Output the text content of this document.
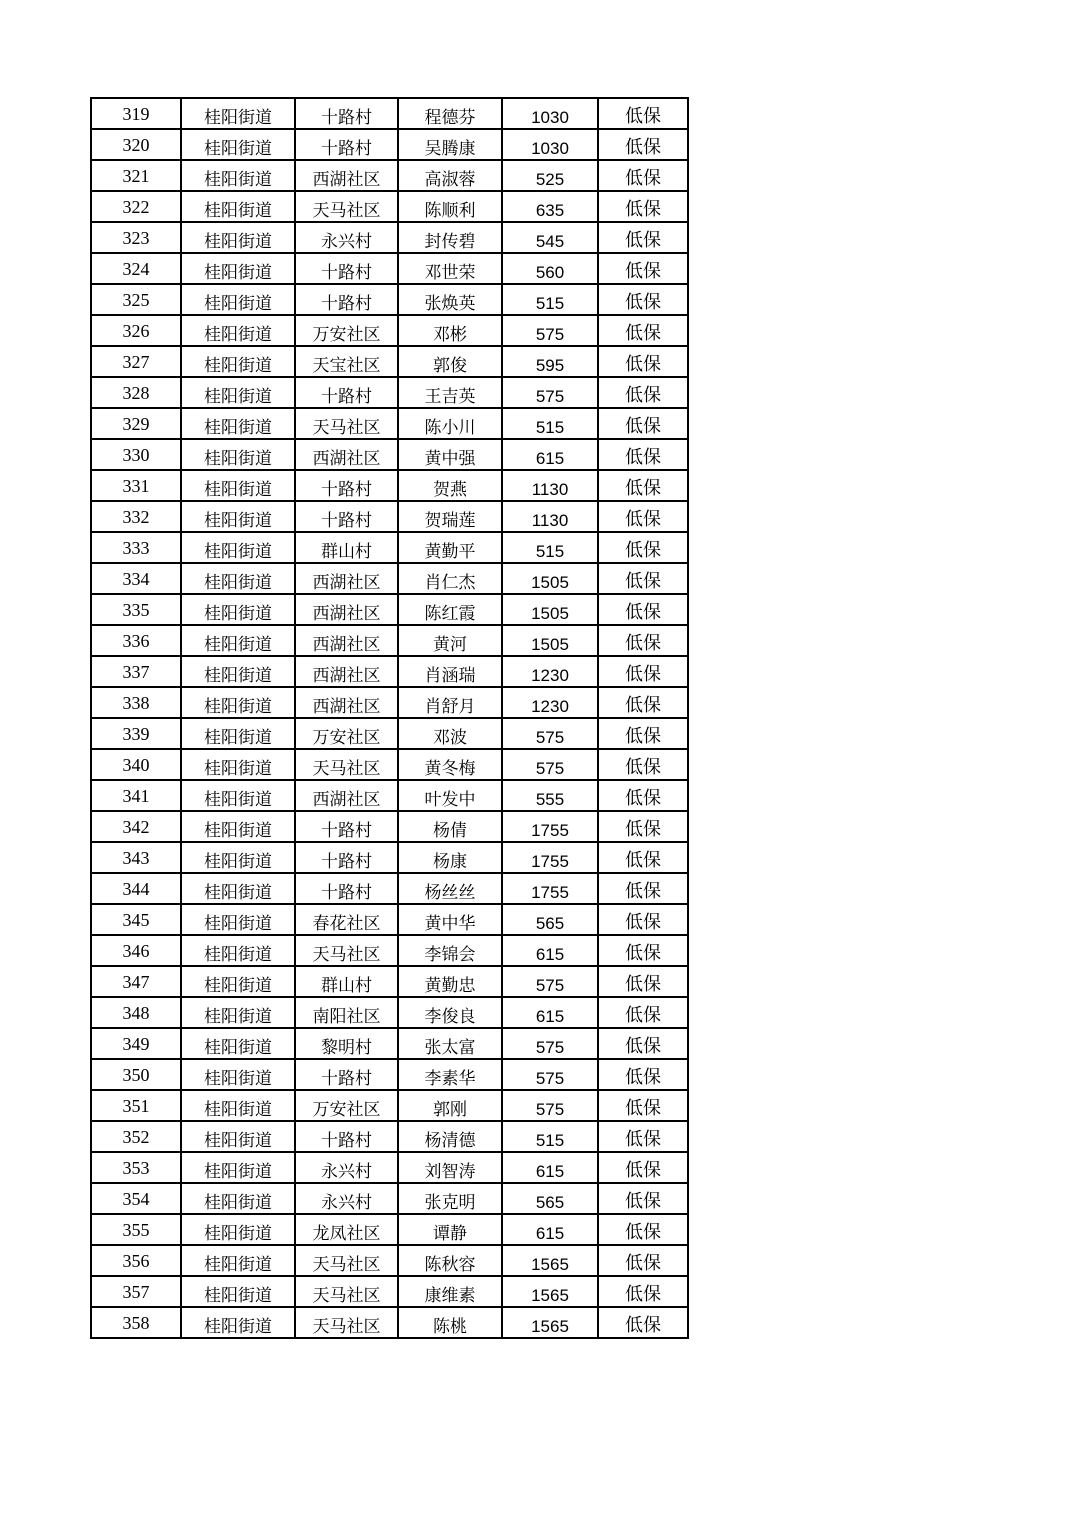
319	桂阳街道	十路村	程德芬	1030	低保
320	桂阳街道	十路村	吴腾康	1030	低保
321	桂阳街道	西湖社区	高淑蓉	525	低保
322	桂阳街道	天马社区	陈顺利	635	低保
323	桂阳街道	永兴村	封传碧	545	低保
324	桂阳街道	十路村	邓世荣	560	低保
325	桂阳街道	十路村	张焕英	515	低保
326	桂阳街道	万安社区	邓彬	575	低保
327	桂阳街道	天宝社区	郭俊	595	低保
328	桂阳街道	十路村	王吉英	575	低保
329	桂阳街道	天马社区	陈小川	515	低保
330	桂阳街道	西湖社区	黄中强	615	低保
331	桂阳街道	十路村	贺燕	1130	低保
332	桂阳街道	十路村	贺瑞莲	1130	低保
333	桂阳街道	群山村	黄勤平	515	低保
334	桂阳街道	西湖社区	肖仁杰	1505	低保
335	桂阳街道	西湖社区	陈红霞	1505	低保
336	桂阳街道	西湖社区	黄河	1505	低保
337	桂阳街道	西湖社区	肖涵瑞	1230	低保
338	桂阳街道	西湖社区	肖舒月	1230	低保
339	桂阳街道	万安社区	邓波	575	低保
340	桂阳街道	天马社区	黄冬梅	575	低保
341	桂阳街道	西湖社区	叶发中	555	低保
342	桂阳街道	十路村	杨倩	1755	低保
343	桂阳街道	十路村	杨康	1755	低保
344	桂阳街道	十路村	杨丝丝	1755	低保
345	桂阳街道	春花社区	黄中华	565	低保
346	桂阳街道	天马社区	李锦会	615	低保
347	桂阳街道	群山村	黄勤忠	575	低保
348	桂阳街道	南阳社区	李俊良	615	低保
349	桂阳街道	黎明村	张太富	575	低保
350	桂阳街道	十路村	李素华	575	低保
351	桂阳街道	万安社区	郭刚	575	低保
352	桂阳街道	十路村	杨清德	515	低保
353	桂阳街道	永兴村	刘智涛	615	低保
354	桂阳街道	永兴村	张克明	565	低保
355	桂阳街道	龙凤社区	谭静	615	低保
356	桂阳街道	天马社区	陈秋容	1565	低保
357	桂阳街道	天马社区	康维素	1565	低保
358	桂阳街道	天马社区	陈桃	1565	低保
